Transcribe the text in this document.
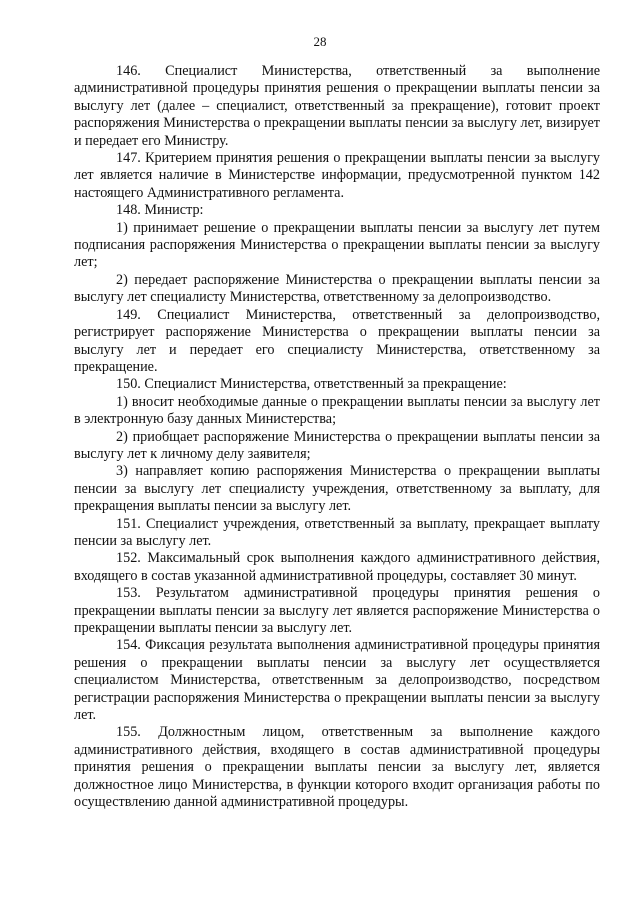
28

146. Специалист Министерства, ответственный за выполнение административной процедуры принятия решения о прекращении выплаты пенсии за выслугу лет (далее – специалист, ответственный за прекращение), готовит проект распоряжения Министерства о прекращении выплаты пенсии за выслугу лет, визирует и передает его Министру.

147. Критерием принятия решения о прекращении выплаты пенсии за выслугу лет является наличие в Министерстве информации, предусмотренной пунктом 142 настоящего Административного регламента.

148. Министр:

1) принимает решение о прекращении выплаты пенсии за выслугу лет путем подписания распоряжения Министерства о прекращении выплаты пенсии за выслугу лет;

2) передает распоряжение Министерства о прекращении выплаты пенсии за выслугу лет специалисту Министерства, ответственному за делопроизводство.

149. Специалист Министерства, ответственный за делопроизводство, регистрирует распоряжение Министерства о прекращении выплаты пенсии за выслугу лет и передает его специалисту Министерства, ответственному за прекращение.

150. Специалист Министерства, ответственный за прекращение:

1) вносит необходимые данные о прекращении выплаты пенсии за выслугу лет в электронную базу данных Министерства;

2) приобщает распоряжение Министерства о прекращении выплаты пенсии за выслугу лет к личному делу заявителя;

3) направляет копию распоряжения Министерства о прекращении выплаты пенсии за выслугу лет специалисту учреждения, ответственному за выплату, для прекращения выплаты пенсии за выслугу лет.

151. Специалист учреждения, ответственный за выплату, прекращает выплату пенсии за выслугу лет.

152. Максимальный срок выполнения каждого административного действия, входящего в состав указанной административной процедуры, составляет 30 минут.

153. Результатом административной процедуры принятия решения о прекращении выплаты пенсии за выслугу лет является распоряжение Министерства о прекращении выплаты пенсии за выслугу лет.

154. Фиксация результата выполнения административной процедуры принятия решения о прекращении выплаты пенсии за выслугу лет осуществляется специалистом Министерства, ответственным за делопроизводство, посредством регистрации распоряжения Министерства о прекращении выплаты пенсии за выслугу лет.

155. Должностным лицом, ответственным за выполнение каждого административного действия, входящего в состав административной процедуры принятия решения о прекращении выплаты пенсии за выслугу лет, является должностное лицо Министерства, в функции которого входит организация работы по осуществлению данной административной процедуры.
